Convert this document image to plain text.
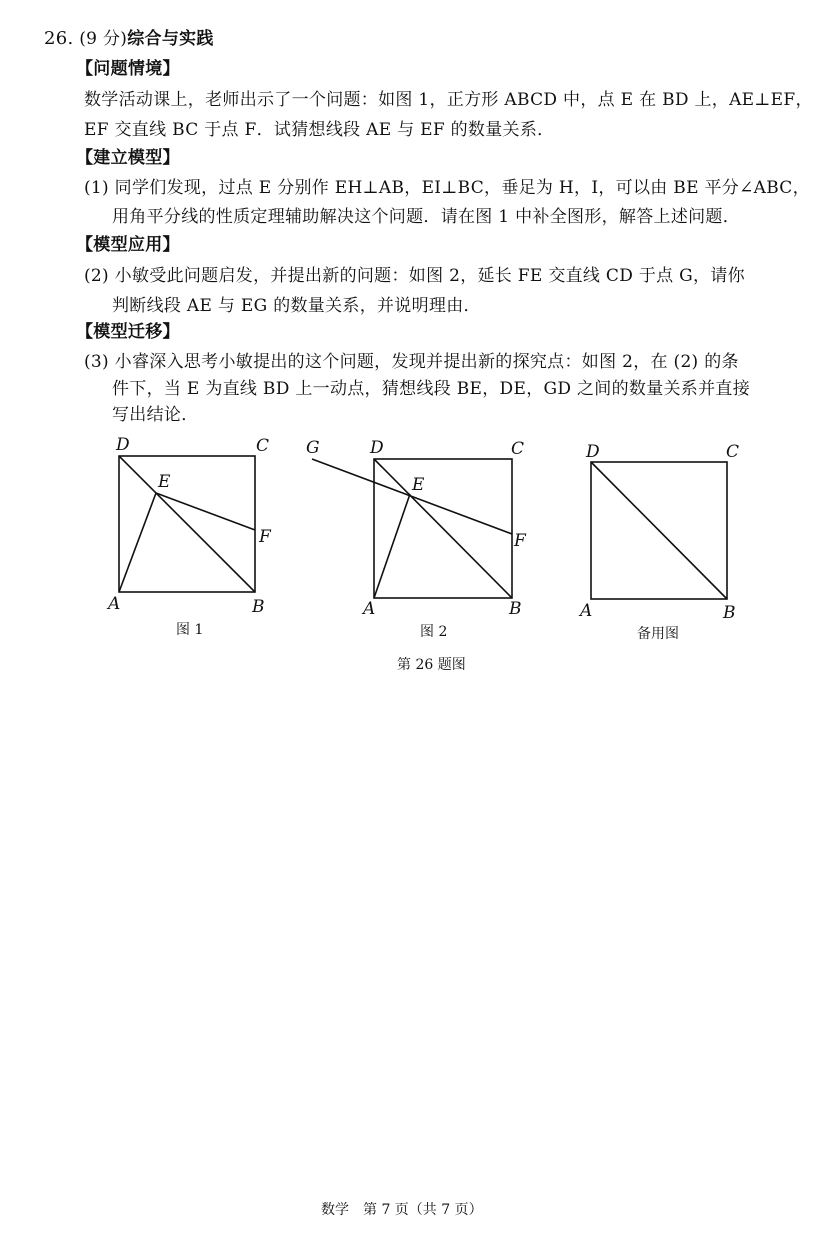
26. (9 分)综合与实践
【问题情境】
数学活动课上，老师出示了一个问题：如图 1，正方形 ABCD 中，点 E 在 BD 上，AE⊥EF，
EF 交直线 BC 于点 F．试猜想线段 AE 与 EF 的数量关系．
【建立模型】
(1) 同学们发现，过点 E 分别作 EH⊥AB，EI⊥BC，垂足为 H，I，可以由 BE 平分∠ABC，
用角平分线的性质定理辅助解决这个问题．请在图 1 中补全图形，解答上述问题．
【模型应用】
(2) 小敏受此问题启发，并提出新的问题：如图 2，延长 FE 交直线 CD 于点 G，请你
判断线段 AE 与 EG 的数量关系，并说明理由．
【模型迁移】
(3) 小睿深入思考小敏提出的这个问题，发现并提出新的探究点：如图 2，在 (2) 的条
件下，当 E 为直线 BD 上一动点，猜想线段 BE，DE，GD 之间的数量关系并直接
写出结论．
D	C
E
F
A	B
G	D	C
E
F
A	B
D	C
A	B
图 1	图 2	备用图
第 26 题图
数学　第 7 页（共 7 页）
